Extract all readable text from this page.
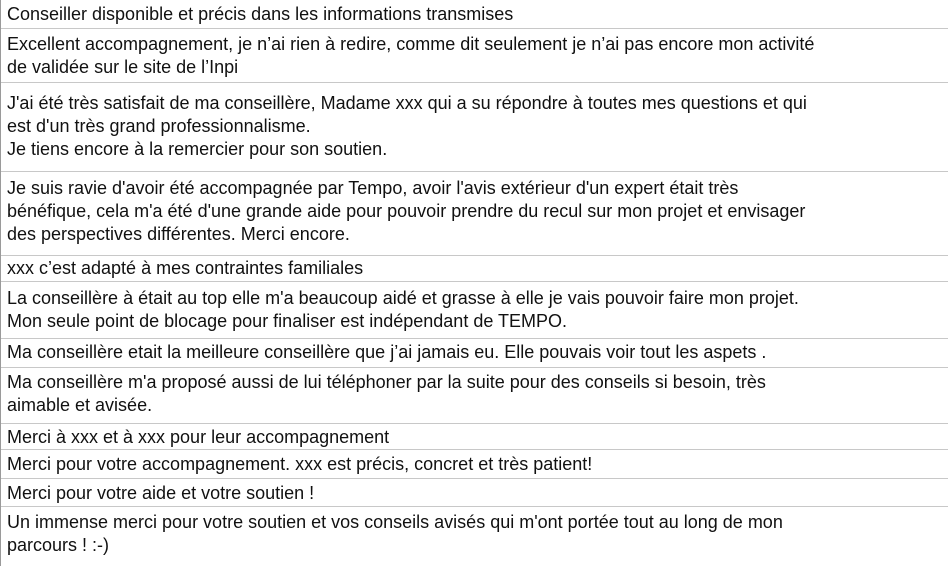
Conseiller disponible et précis dans les informations transmises
Excellent accompagnement, je n’ai rien à redire, comme dit seulement je n’ai pas encore mon activité
de validée sur le site de l’Inpi
J'ai été très satisfait de ma conseillère, Madame xxx qui a su répondre à toutes mes questions et qui
est d'un très grand professionnalisme.
Je tiens encore à la remercier pour son soutien.
Je suis ravie d'avoir été accompagnée par Tempo, avoir l'avis extérieur d'un expert était très
bénéfique, cela m'a été d'une grande aide pour pouvoir prendre du recul sur mon projet et envisager
des perspectives différentes. Merci encore.
xxx c’est adapté à mes contraintes familiales
La conseillère à était au top elle m'a beaucoup aidé et grasse à elle je vais pouvoir faire mon projet.
Mon seule point de blocage pour finaliser est indépendant de TEMPO.
Ma conseillère etait la meilleure conseillère que j’ai jamais eu. Elle pouvais voir tout les aspets .
Ma conseillère m'a proposé aussi de lui téléphoner par la suite pour des conseils si besoin, très
aimable et avisée.
Merci à xxx et à xxx pour leur accompagnement
Merci pour votre accompagnement. xxx est précis, concret et très patient!
Merci pour votre aide et votre soutien !
Un immense merci pour votre soutien et vos conseils avisés qui m'ont portée tout au long de mon
parcours ! :-)
